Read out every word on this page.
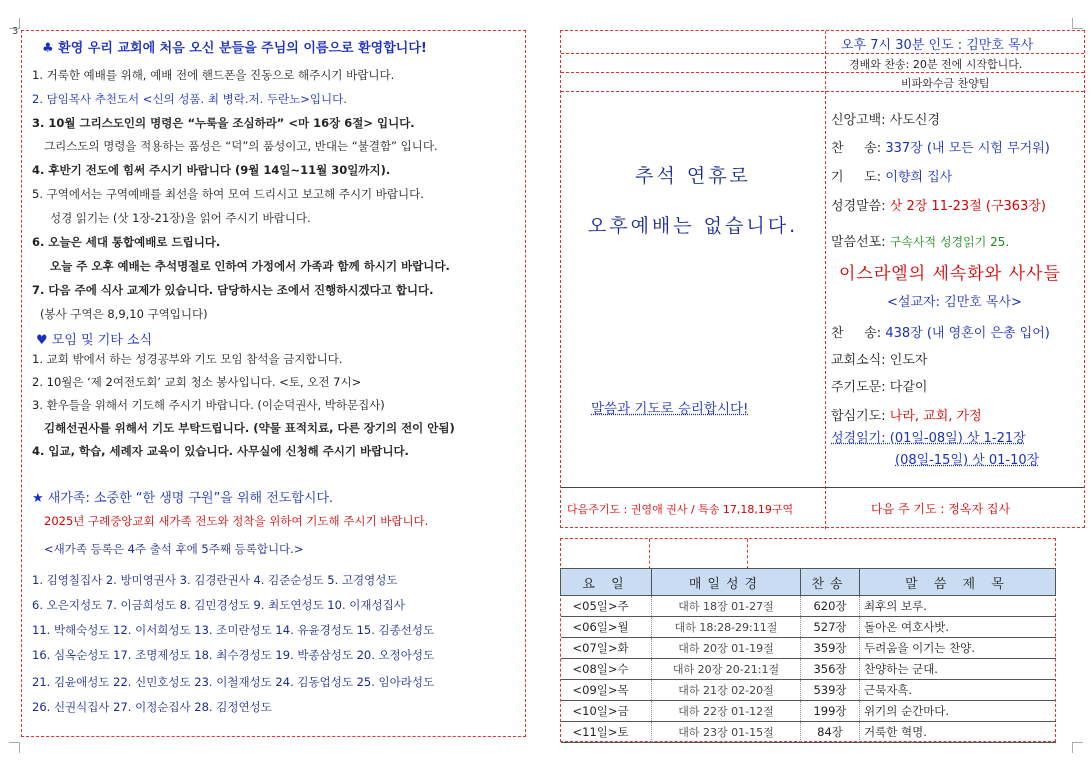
3
♣ 환영 우리 교회에 처음 오신 분들을 주님의 이름으로 환영합니다!
1. 거룩한 예배를 위해, 예배 전에 핸드폰을 진동으로 해주시기 바랍니다.
2. 담임목사 추천도서 <신의 성품. 최 병락.저. 두란노>입니다.
3. 10월 그리스도인의 명령은 “누룩을 조심하라” <마 16장 6절> 입니다.
그리스도의 명령을 적용하는 품성은 “덕”의 품성이고, 반대는 “불결함” 입니다.
4. 후반기 전도에 힘써 주시기 바랍니다 (9월 14일~11월 30일까지).
5. 구역에서는 구역예배를 최선을 하여 모여 드리시고 보고해 주시기 바랍니다.
성경 읽기는 (삿 1장-21장)을 읽어 주시기 바랍니다.
6. 오늘은 세대 통합예배로 드립니다.
오늘 주 오후 예배는 추석명절로 인하여 가정에서 가족과 함께 하시기 바랍니다.
7. 다음 주에 식사 교제가 있습니다. 담당하시는 조에서 진행하시겠다고 합니다.
(봉사 구역은 8,9,10 구역입니다)
♥ 모임 및 기타 소식
1. 교회 밖에서 하는 성경공부와 기도 모임 참석을 금지합니다.
2. 10월은 ‘제 2여전도회’ 교회 청소 봉사입니다. <토, 오전 7시>
3. 환우들을 위해서 기도해 주시기 바랍니다. (이순덕권사, 박하문집사)
김해선권사를 위해서 기도 부탁드립니다. (약물 표적치료, 다른 장기의 전이 안됨)
4. 입교, 학습, 세례자 교육이 있습니다. 사무실에 신청해 주시기 바랍니다.
★ 새가족: 소중한 “한 생명 구원”을 위해 전도합시다.
2025년 구례중앙교회 새가족 전도와 정착을 위하여 기도해 주시기 바랍니다.
<새가족 등록은 4주 출석 후에 5주째 등록합니다.>
1. 김영칠집사 2. 방미영권사 3. 김경란권사 4. 김준순성도 5. 고경영성도
6. 오은지성도 7. 이금희성도 8. 김민경성도 9. 최도연성도 10. 이재성집사
11. 박해숙성도 12. 이서희성도 13. 조미란성도 14. 유윤경성도 15. 김종선성도
16. 심옥순성도 17. 조명제성도 18. 최수경성도 19. 박종삼성도 20. 오정아성도
21. 김윤애성도 22. 신민호성도 23. 이철재성도 24. 김동업성도 25. 임아라성도
26. 신권식집사 27. 이정순집사 28. 김정연성도
오후 7시 30분 인도 : 김만호 목사
경배와 찬송: 20분 전에 시작합니다.
비파와수금 찬양팀
추석 연휴로
오후예배는 없습니다.
말씀과 기도로 승리합시다!
신앙고백: 사도신경
찬     송: 337장 (내 모든 시험 무거워)
기     도: 이향희 집사
성경말씀: 삿 2장 11-23절 (구363장)
말씀선포: 구속사적 성경읽기 25.
이스라엘의 세속화와 사사들
<설교자: 김만호 목사>
찬     송: 438장 (내 영혼이 은총 입어)
교회소식: 인도자
주기도문: 다같이
합심기도: 나라, 교회, 가정
성경읽기: (01일-08일) 삿 1-21장
(08일-15일) 삿 01-10장
다음주기도 : 권영애 권사 / 특송 17,18,19구역	다음 주 기도 : 정옥자 집사
요 일	매일성경	찬송	말 씀 제 목
<05일>주	대하 18장 01-27절	620장	최후의 보루.
<06일>월	대하 18:28-29:11절	527장	돌아온 여호사밧.
<07일>화	대하 20장 01-19절	359장	두려움을 이기는 찬양.
<08일>수	대하 20장 20-21:1절	356장	찬양하는 군대.
<09일>목	대하 21장 02-20절	539장	근묵자흑.
<10일>금	대하 22장 01-12절	199장	위기의 순간마다.
<11일>토	대하 23장 01-15절	84장	거룩한 혁명.
